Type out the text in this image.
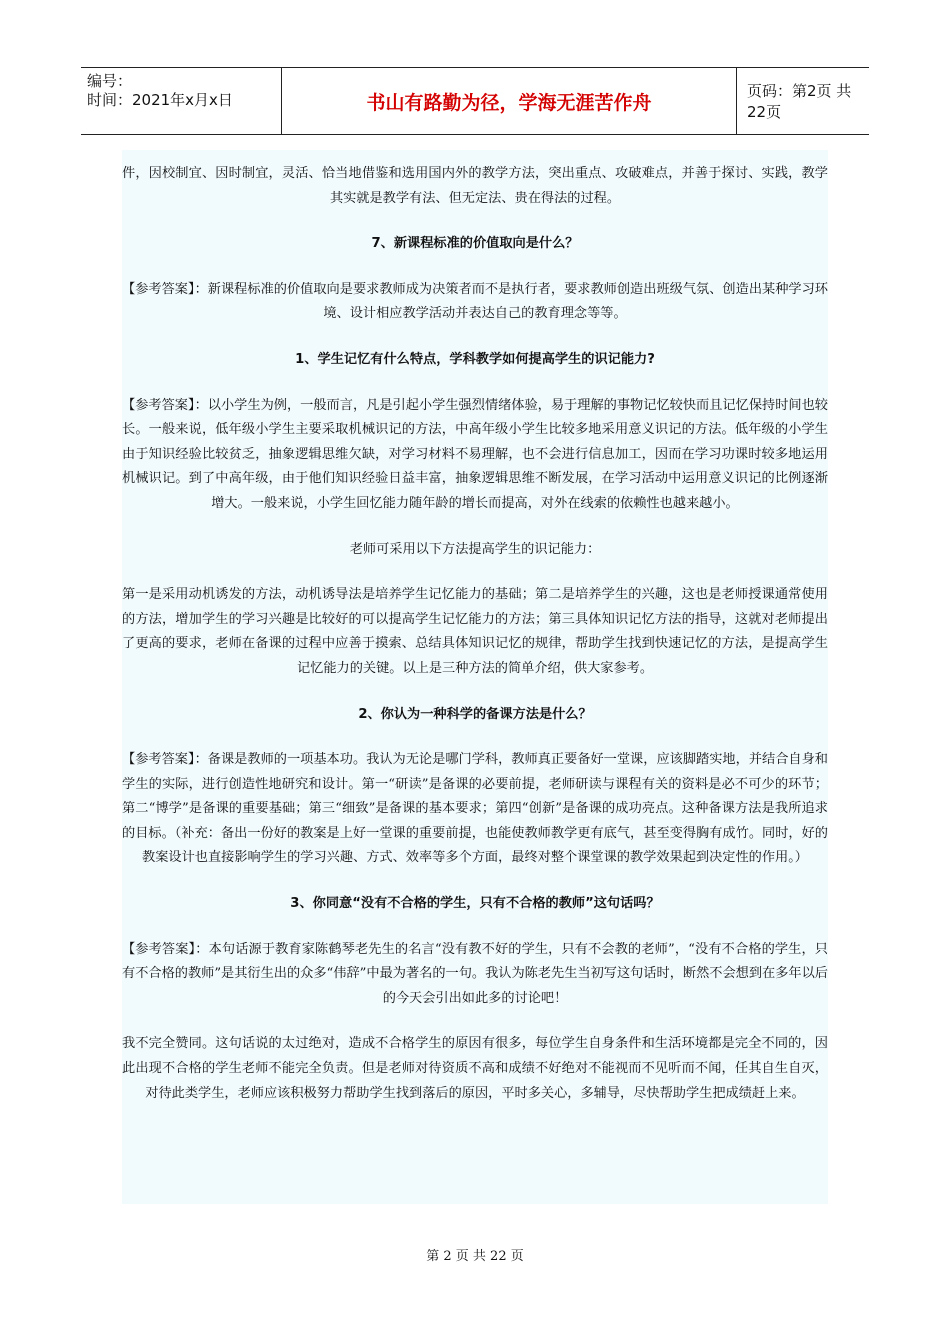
编号：
时间：2021年x月x日	书山有路勤为径，学海无涯苦作舟
页码：第2页 共22页

件，因校制宜、因时制宜，灵活、恰当地借鉴和选用国内外的教学方法，突出重点、攻破难点，并善于探讨、实践，教学其实就是教学有法、但无定法、贵在得法的过程。

7、新课程标准的价值取向是什么？

【参考答案】：新课程标准的价值取向是要求教师成为决策者而不是执行者，要求教师创造出班级气氛、创造出某种学习环境、设计相应教学活动并表达自己的教育理念等等。

1、学生记忆有什么特点，学科教学如何提高学生的识记能力?

【参考答案】：以小学生为例，一般而言，凡是引起小学生强烈情绪体验，易于理解的事物记忆较快而且记忆保持时间也较长。一般来说，低年级小学生主要采取机械识记的方法，中高年级小学生比较多地采用意义识记的方法。低年级的小学生由于知识经验比较贫乏，抽象逻辑思维欠缺，对学习材料不易理解，也不会进行信息加工，因而在学习功课时较多地运用机械识记。到了中高年级，由于他们知识经验日益丰富，抽象逻辑思维不断发展，在学习活动中运用意义识记的比例逐渐增大。一般来说，小学生回忆能力随年龄的增长而提高，对外在线索的依赖性也越来越小。

老师可采用以下方法提高学生的识记能力：

第一是采用动机诱发的方法，动机诱导法是培养学生记忆能力的基础；第二是培养学生的兴趣，这也是老师授课通常使用的方法，增加学生的学习兴趣是比较好的可以提高学生记忆能力的方法；第三具体知识记忆方法的指导，这就对老师提出了更高的要求，老师在备课的过程中应善于摸索、总结具体知识记忆的规律，帮助学生找到快速记忆的方法，是提高学生记忆能力的关键。以上是三种方法的简单介绍，供大家参考。

2、你认为一种科学的备课方法是什么？

【参考答案】：备课是教师的一项基本功。我认为无论是哪门学科，教师真正要备好一堂课，应该脚踏实地，并结合自身和学生的实际，进行创造性地研究和设计。第一“研读”是备课的必要前提，老师研读与课程有关的资料是必不可少的环节；第二“博学”是备课的重要基础；第三“细致”是备课的基本要求；第四“创新”是备课的成功亮点。这种备课方法是我所追求的目标。（补充：备出一份好的教案是上好一堂课的重要前提，也能使教师教学更有底气，甚至变得胸有成竹。同时，好的教案设计也直接影响学生的学习兴趣、方式、效率等多个方面，最终对整个课堂课的教学效果起到决定性的作用。）

3、你同意“没有不合格的学生，只有不合格的教师”这句话吗？

【参考答案】：本句话源于教育家陈鹤琴老先生的名言“没有教不好的学生，只有不会教的老师”，“没有不合格的学生，只有不合格的教师”是其衍生出的众多“伟辞”中最为著名的一句。我认为陈老先生当初写这句话时，断然不会想到在多年以后的今天会引出如此多的讨论吧！

我不完全赞同。这句话说的太过绝对，造成不合格学生的原因有很多，每位学生自身条件和生活环境都是完全不同的，因此出现不合格的学生老师不能完全负责。但是老师对待资质不高和成绩不好绝对不能视而不见听而不闻，任其自生自灭，对待此类学生，老师应该积极努力帮助学生找到落后的原因，平时多关心，多辅导，尽快帮助学生把成绩赶上来。

第 2 页 共 22 页
